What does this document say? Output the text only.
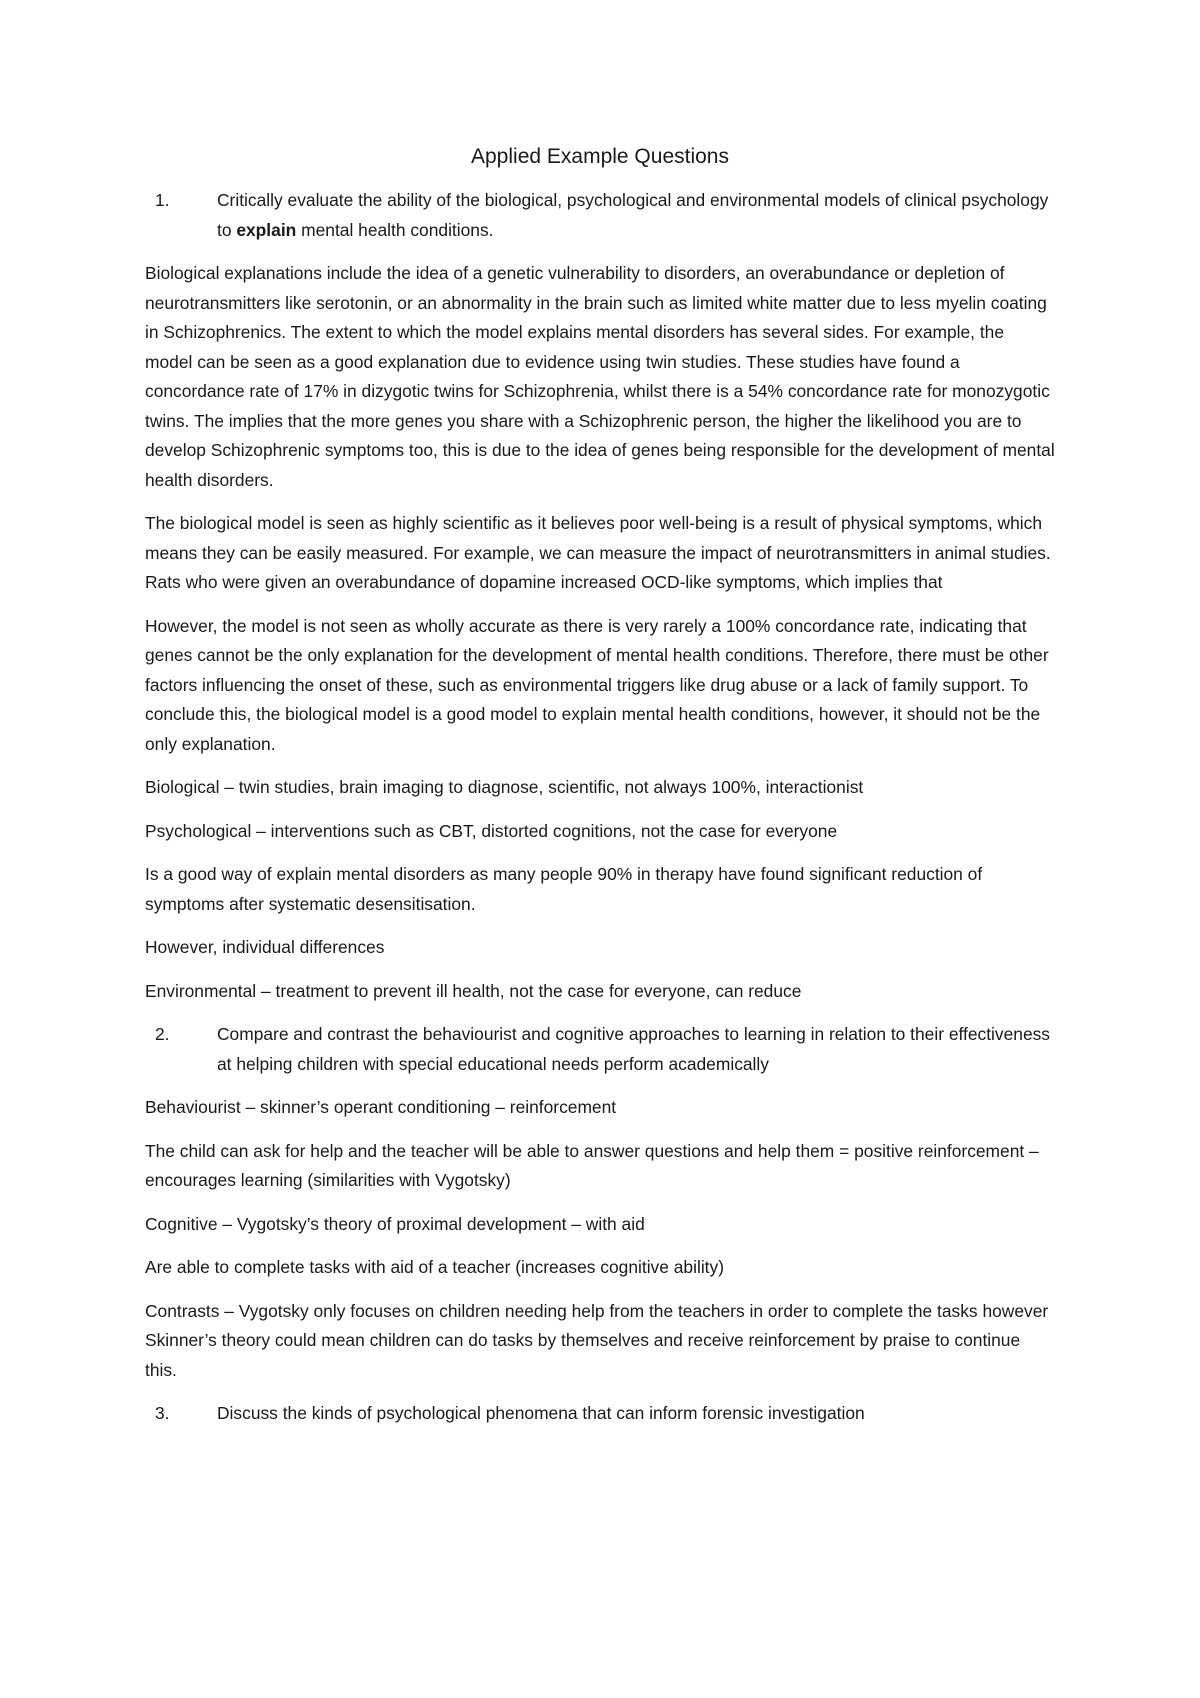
Applied Example Questions
1.	Critically evaluate the ability of the biological, psychological and environmental models of clinical psychology to explain mental health conditions.

Biological explanations include the idea of a genetic vulnerability to disorders, an overabundance or depletion of neurotransmitters like serotonin, or an abnormality in the brain such as limited white matter due to less myelin coating in Schizophrenics. The extent to which the model explains mental disorders has several sides. For example, the model can be seen as a good explanation due to evidence using twin studies. These studies have found a concordance rate of 17% in dizygotic twins for Schizophrenia, whilst there is a 54% concordance rate for monozygotic twins. The implies that the more genes you share with a Schizophrenic person, the higher the likelihood you are to develop Schizophrenic symptoms too, this is due to the idea of genes being responsible for the development of mental health disorders.

The biological model is seen as highly scientific as it believes poor well-being is a result of physical symptoms, which means they can be easily measured. For example, we can measure the impact of neurotransmitters in animal studies. Rats who were given an overabundance of dopamine increased OCD-like symptoms, which implies that

However, the model is not seen as wholly accurate as there is very rarely a 100% concordance rate, indicating that genes cannot be the only explanation for the development of mental health conditions. Therefore, there must be other factors influencing the onset of these, such as environmental triggers like drug abuse or a lack of family support. To conclude this, the biological model is a good model to explain mental health conditions, however, it should not be the only explanation.

Biological – twin studies, brain imaging to diagnose, scientific, not always 100%, interactionist

Psychological – interventions such as CBT, distorted cognitions, not the case for everyone

Is a good way of explain mental disorders as many people 90% in therapy have found significant reduction of symptoms after systematic desensitisation.

However, individual differences

Environmental – treatment to prevent ill health, not the case for everyone, can reduce

2.	Compare and contrast the behaviourist and cognitive approaches to learning in relation to their effectiveness at helping children with special educational needs perform academically

Behaviourist – skinner’s operant conditioning – reinforcement

The child can ask for help and the teacher will be able to answer questions and help them = positive reinforcement – encourages learning (similarities with Vygotsky)

Cognitive – Vygotsky’s theory of proximal development – with aid

Are able to complete tasks with aid of a teacher (increases cognitive ability)

Contrasts – Vygotsky only focuses on children needing help from the teachers in order to complete the tasks however Skinner’s theory could mean children can do tasks by themselves and receive reinforcement by praise to continue this.

3.	Discuss the kinds of psychological phenomena that can inform forensic investigation
